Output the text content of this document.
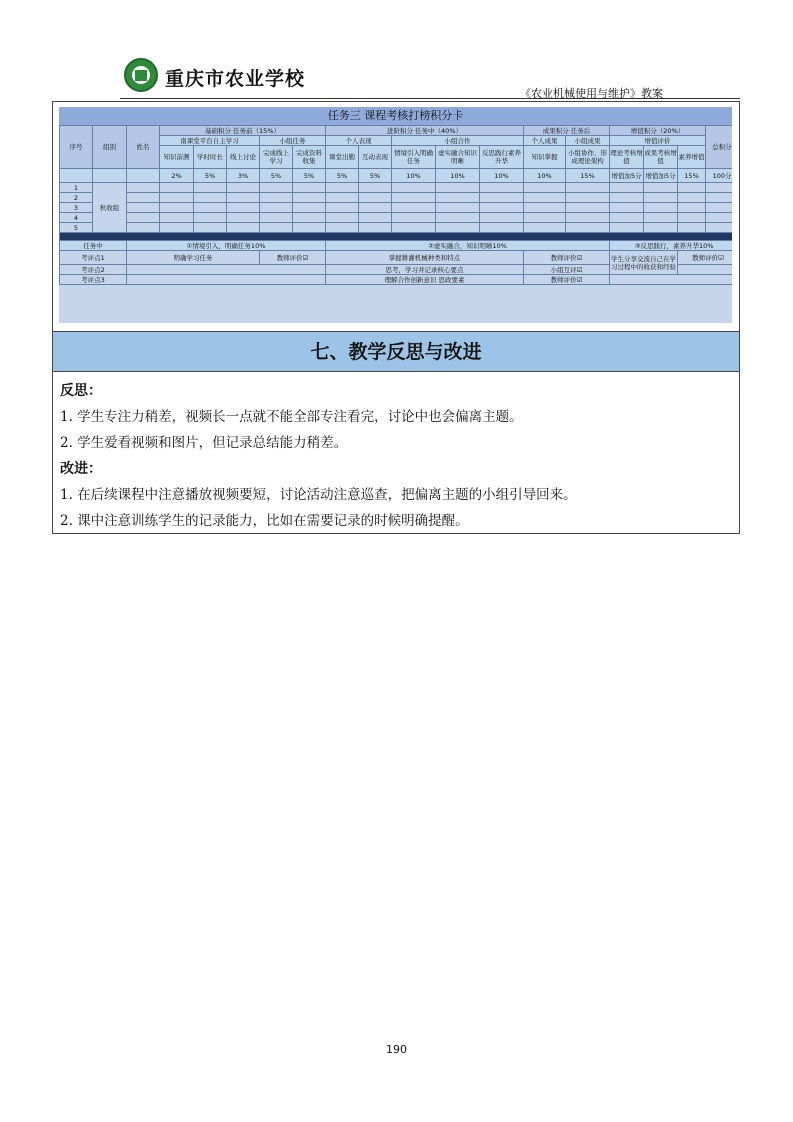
重庆市农业学校
《农业机械使用与维护》教案
任务三 课程考核打榜积分卡
序号	组别	姓名	基础积分 任务前（15%）					进阶积分 任务中（40%）					成果积分 任务后		增值积分（20%）			总积分
			南课堂平台自主学习			小组任务		个人表现		小组合作			个人成果	小组成果	增值评价			
			知识前测	学时时长	线上讨论	完成线上学习	完成资料收集	课堂出勤	互动表现	情境引入明确任务	虚实融合知识明晰	反思践行素养升华	知识掌握	小组协作，形成理论架构	理论考核增值	成果考核增值	素养增值	
			2%	5%	3%	5%	5%	5%	5%	10%	10%	10%	10%	15%	增值加5分	增值加5分	15%	100分
1	秋收组																	
2																		
3																		
4																		
5																		

任务中		①情境引入，明确任务10%						②虚实融合，知识明晰10%							③反思践行，素养升华10%			
考评点1		明确学习任务				教师评价☑		掌握耕灌机械种类和特点					教师评价☑		学生分享交流自己在学习过程中的收获和经验		教师评价☑	
考评点2								思考，学习并记录核心要点					小组互评☑					
考评点3								理解合作创新意识 思政要素					教师评价☑					
七、教学反思与改进
反思：
1. 学生专注力稍差，视频长一点就不能全部专注看完，讨论中也会偏离主题。
2. 学生爱看视频和图片，但记录总结能力稍差。
改进：
1. 在后续课程中注意播放视频要短，讨论活动注意巡查，把偏离主题的小组引导回来。
2. 课中注意训练学生的记录能力，比如在需要记录的时候明确提醒。
190
